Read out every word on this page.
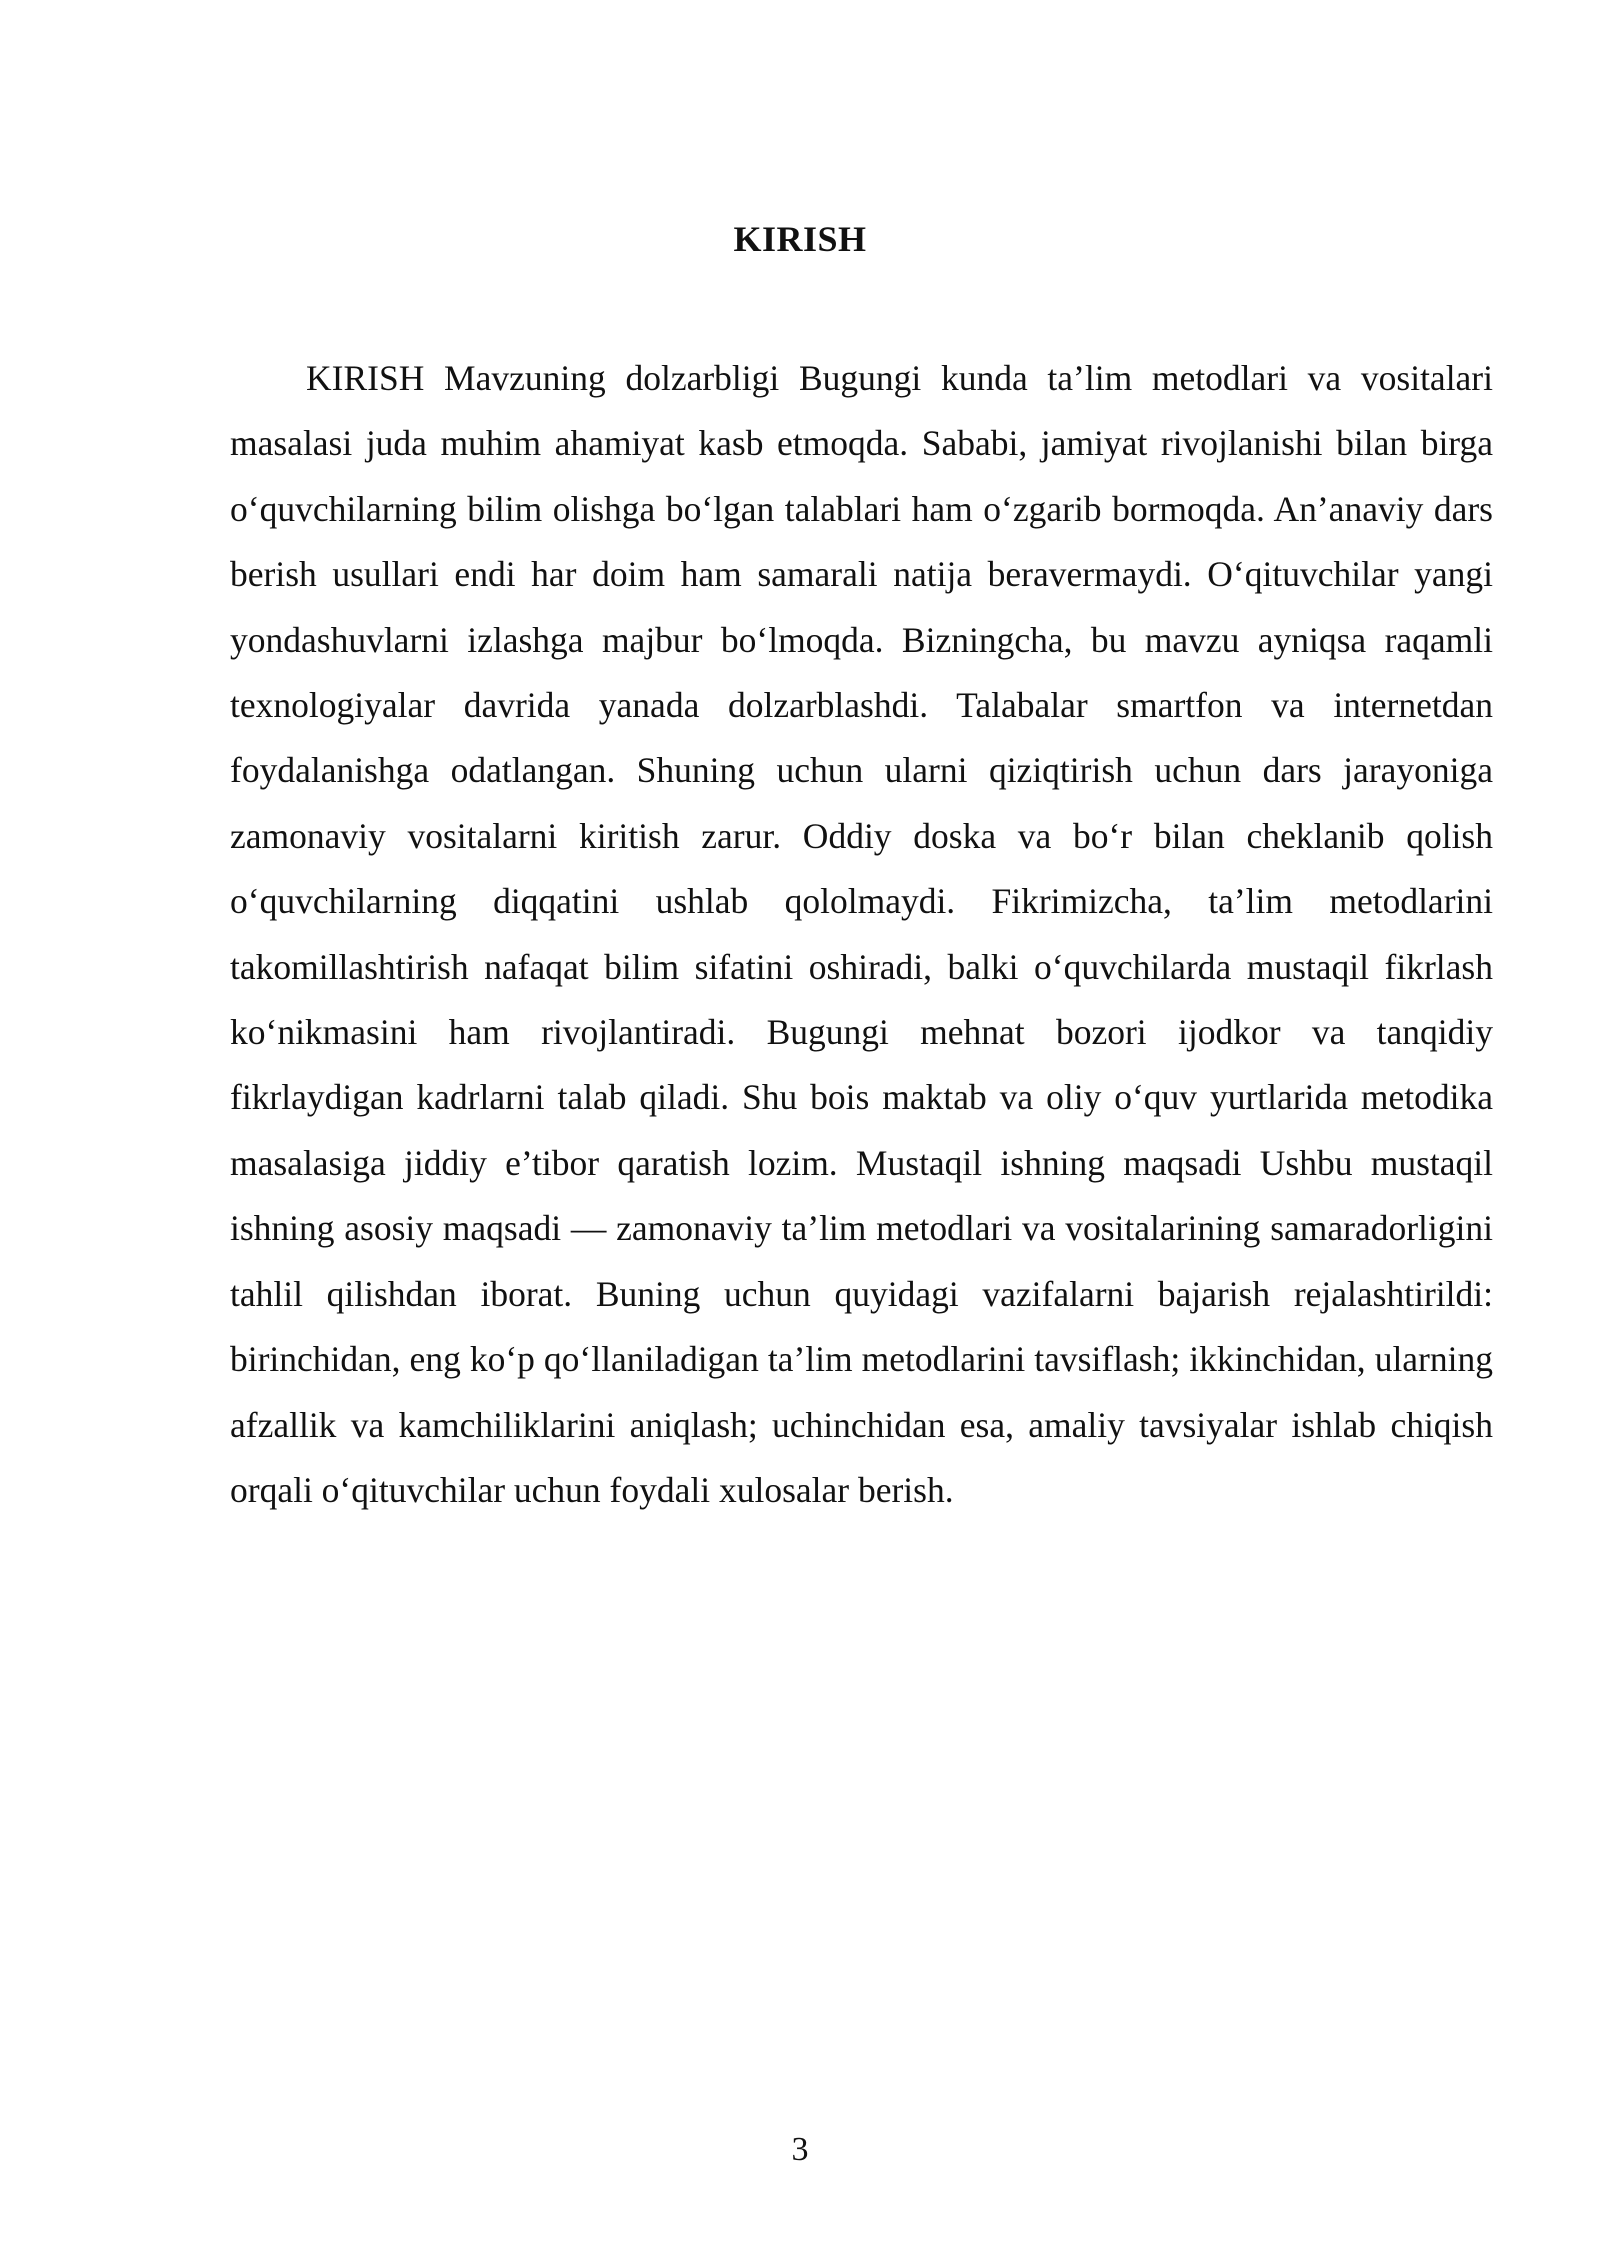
KIRISH

KIRISH Mavzuning dolzarbligi Bugungi kunda ta’lim metodlari va vositalari masalasi juda muhim ahamiyat kasb etmoqda. Sababi, jamiyat rivojlanishi bilan birga o‘quvchilarning bilim olishga bo‘lgan talablari ham o‘zgarib bormoqda. An’anaviy dars berish usullari endi har doim ham samarali natija beravermaydi. O‘qituvchilar yangi yondashuvlarni izlashga majbur bo‘lmoqda. Bizningcha, bu mavzu ayniqsa raqamli texnologiyalar davrida yanada dolzarblashdi. Talabalar smartfon va internetdan foydalanishga odatlangan. Shuning uchun ularni qiziqtirish uchun dars jarayoniga zamonaviy vositalarni kiritish zarur. Oddiy doska va bo‘r bilan cheklanib qolish o‘quvchilarning diqqatini ushlab qololmaydi. Fikrimizcha, ta’lim metodlarini takomillashtirish nafaqat bilim sifatini oshiradi, balki o‘quvchilarda mustaqil fikrlash ko‘nikmasini ham rivojlantiradi. Bugungi mehnat bozori ijodkor va tanqidiy fikrlaydigan kadrlarni talab qiladi. Shu bois maktab va oliy o‘quv yurtlarida metodika masalasiga jiddiy e’tibor qaratish lozim. Mustaqil ishning maqsadi Ushbu mustaqil ishning asosiy maqsadi — zamonaviy ta’lim metodlari va vositalarining samaradorligini tahlil qilishdan iborat. Buning uchun quyidagi vazifalarni bajarish rejalashtirildi: birinchidan, eng ko‘p qo‘llaniladigan ta’lim metodlarini tavsiflash; ikkinchidan, ularning afzallik va kamchiliklarini aniqlash; uchinchidan esa, amaliy tavsiyalar ishlab chiqish orqali o‘qituvchilar uchun foydali xulosalar berish.

3
